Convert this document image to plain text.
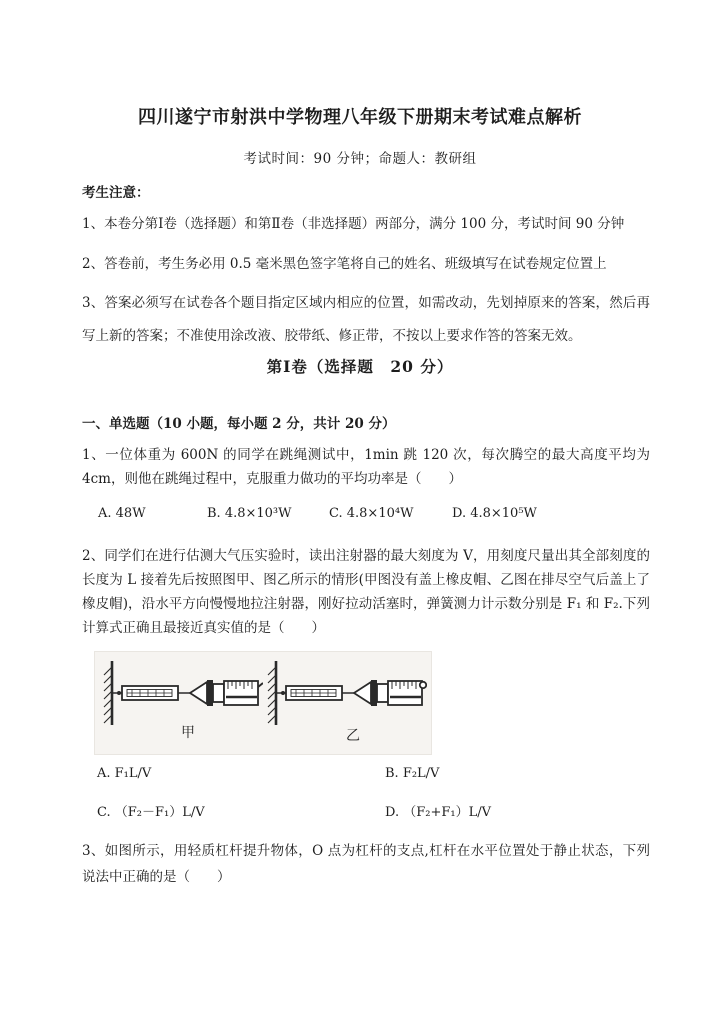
四川遂宁市射洪中学物理八年级下册期末考试难点解析
考试时间：90 分钟；命题人：教研组
考生注意：
1、本卷分第Ⅰ卷（选择题）和第Ⅱ卷（非选择题）两部分，满分 100 分，考试时间 90 分钟
2、答卷前，考生务必用 0.5 毫米黑色签字笔将自己的姓名、班级填写在试卷规定位置上
3、答案必须写在试卷各个题目指定区域内相应的位置，如需改动，先划掉原来的答案，然后再写上新的答案；不准使用涂改液、胶带纸、修正带，不按以上要求作答的答案无效。
第Ⅰ卷（选择题　20 分）
一、单选题（10 小题，每小题 2 分，共计 20 分）
1、一位体重为 600N 的同学在跳绳测试中，1min 跳 120 次，每次腾空的最大高度平均为 4cm，则他在跳绳过程中，克服重力做功的平均功率是（　　）
A. 48W	B. 4.8×10³W	C. 4.8×10⁴W	D. 4.8×10⁵W
2、同学们在进行估测大气压实验时，读出注射器的最大刻度为 V，用刻度尺量出其全部刻度的长度为 L 接着先后按照图甲、图乙所示的情形(甲图没有盖上橡皮帽、乙图在排尽空气后盖上了橡皮帽)，沿水平方向慢慢地拉注射器，刚好拉动活塞时，弹簧测力计示数分别是 F₁ 和 F₂.下列计算式正确且最接近真实值的是（　　）
甲	乙
A. F₁L/V	B. F₂L/V
C. （F₂－F₁）L/V	D. （F₂+F₁）L/V
3、如图所示，用轻质杠杆提升物体，O 点为杠杆的支点,杠杆在水平位置处于静止状态，下列说法中正确的是（　　）
